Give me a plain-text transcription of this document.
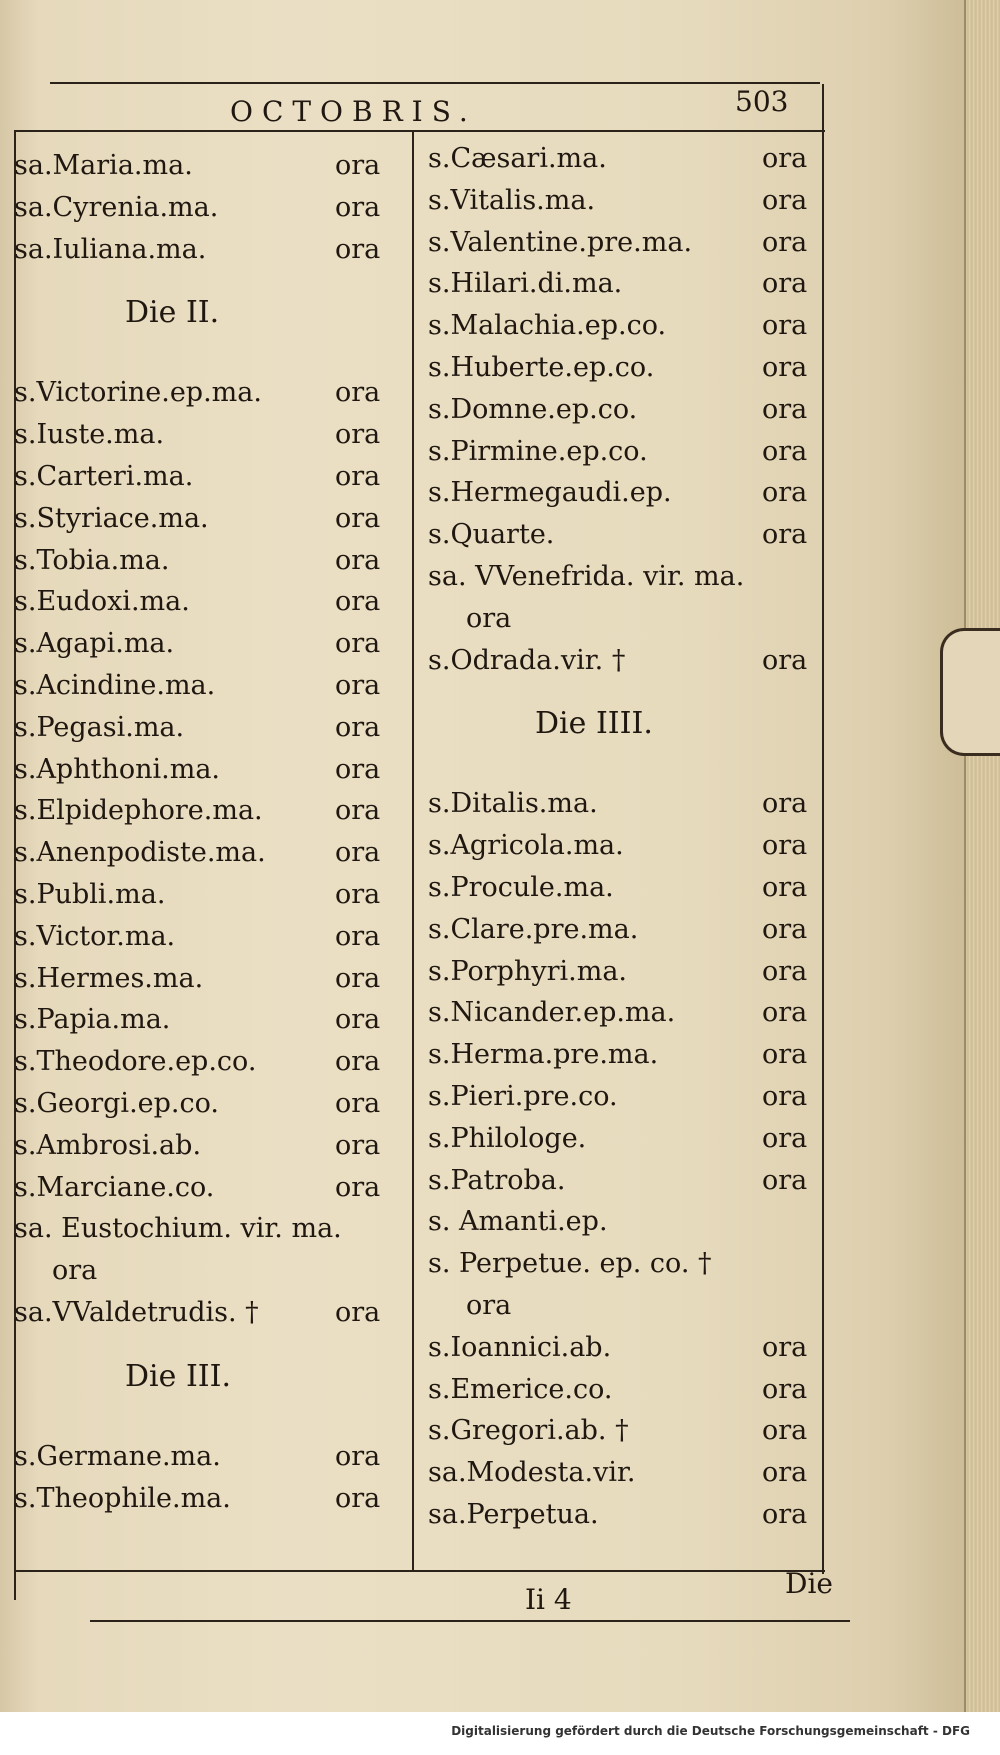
OCTOBRIS.	503
sa.Maria.ma.	ora
sa.Cyrenia.ma.	ora
sa.Iuliana.ma.	ora
Die II.
s.Victorine.ep.ma.	ora
s.Iuste.ma.	ora
s.Carteri.ma.	ora
s.Styriace.ma.	ora
s.Tobia.ma.	ora
s.Eudoxi.ma.	ora
s.Agapi.ma.	ora
s.Acindine.ma.	ora
s.Pegasi.ma.	ora
s.Aphthoni.ma.	ora
s.Elpidephore.ma.	ora
s.Anenpodiste.ma.	ora
s.Publi.ma.	ora
s.Victor.ma.	ora
s.Hermes.ma.	ora
s.Papia.ma.	ora
s.Theodore.ep.co.	ora
s.Georgi.ep.co.	ora
s.Ambrosi.ab.	ora
s.Marciane.co.	ora
sa. Eustochium. vir. ma.
ora
sa.VValdetrudis. †	ora
Die III.
s.Germane.ma.	ora
s.Theophile.ma.	ora
s.Cæsari.ma.	ora
s.Vitalis.ma.	ora
s.Valentine.pre.ma.	ora
s.Hilari.di.ma.	ora
s.Malachia.ep.co.	ora
s.Huberte.ep.co.	ora
s.Domne.ep.co.	ora
s.Pirmine.ep.co.	ora
s.Hermegaudi.ep.	ora
s.Quarte.	ora
sa. VVenefrida. vir. ma.
ora
s.Odrada.vir. †	ora
Die IIII.
s.Ditalis.ma.	ora
s.Agricola.ma.	ora
s.Procule.ma.	ora
s.Clare.pre.ma.	ora
s.Porphyri.ma.	ora
s.Nicander.ep.ma.	ora
s.Herma.pre.ma.	ora
s.Pieri.pre.co.	ora
s.Philologe.	ora
s.Patroba.	ora
s. Amanti.ep.
s. Perpetue. ep. co. †
ora
s.Ioannici.ab.	ora
s.Emerice.co.	ora
s.Gregori.ab. †	ora
sa.Modesta.vir.	ora
sa.Perpetua.	ora
Ii 4	Die
Digitalisierung gefördert durch die Deutsche Forschungsgemeinschaft - DFG
